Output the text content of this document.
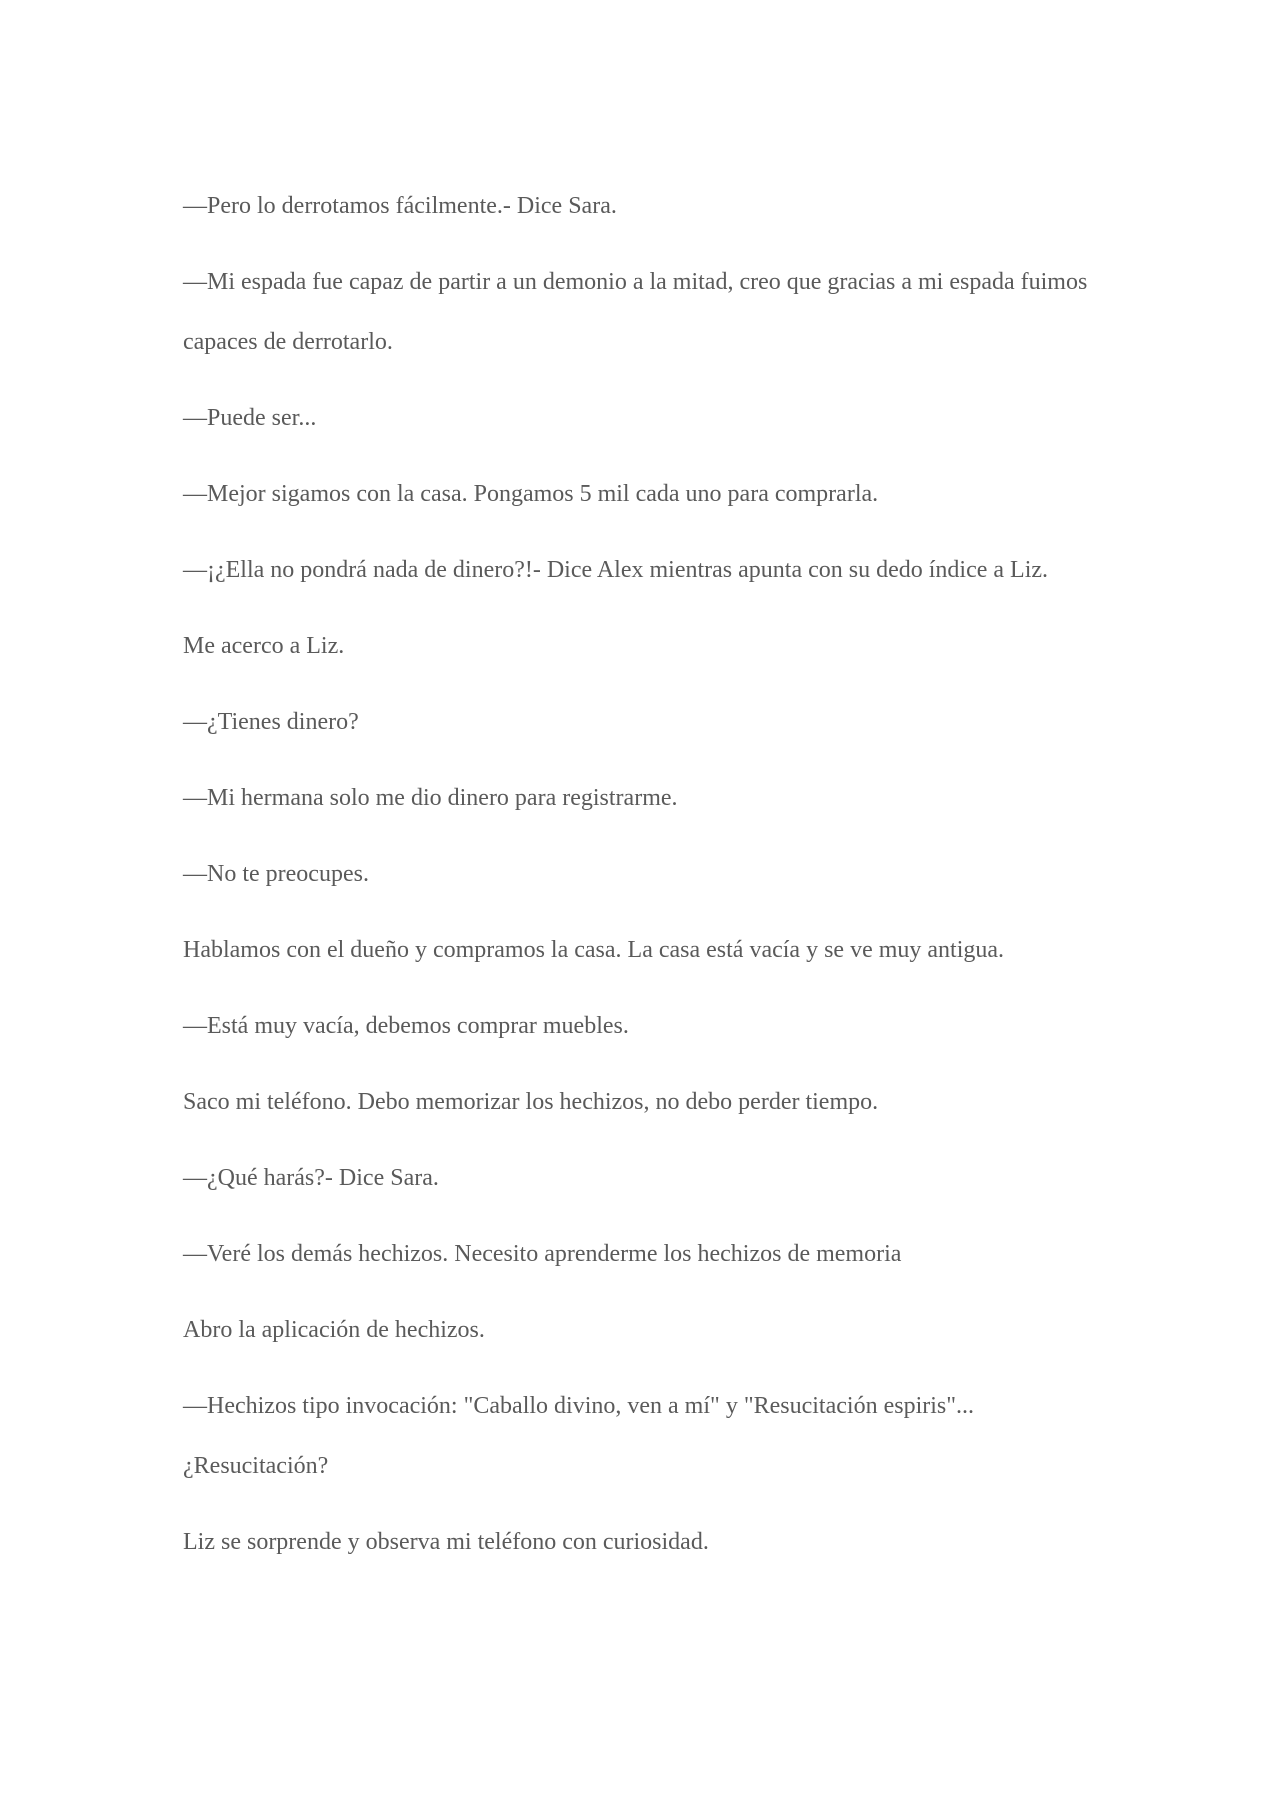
—Pero lo derrotamos fácilmente.- Dice Sara.

—Mi espada fue capaz de partir a un demonio a la mitad, creo que gracias a mi espada fuimos capaces de derrotarlo.

—Puede ser...

—Mejor sigamos con la casa. Pongamos 5 mil cada uno para comprarla.

—¡¿Ella no pondrá nada de dinero?!- Dice Alex mientras apunta con su dedo índice a Liz.

Me acerco a Liz.

—¿Tienes dinero?

—Mi hermana solo me dio dinero para registrarme.

—No te preocupes.

Hablamos con el dueño y compramos la casa. La casa está vacía y se ve muy antigua.

—Está muy vacía, debemos comprar muebles.

Saco mi teléfono. Debo memorizar los hechizos, no debo perder tiempo.

—¿Qué harás?- Dice Sara.

—Veré los demás hechizos. Necesito aprenderme los hechizos de memoria

Abro la aplicación de hechizos.

—Hechizos tipo invocación: "Caballo divino, ven a mí" y "Resucitación espiris"... ¿Resucitación?

Liz se sorprende y observa mi teléfono con curiosidad.
